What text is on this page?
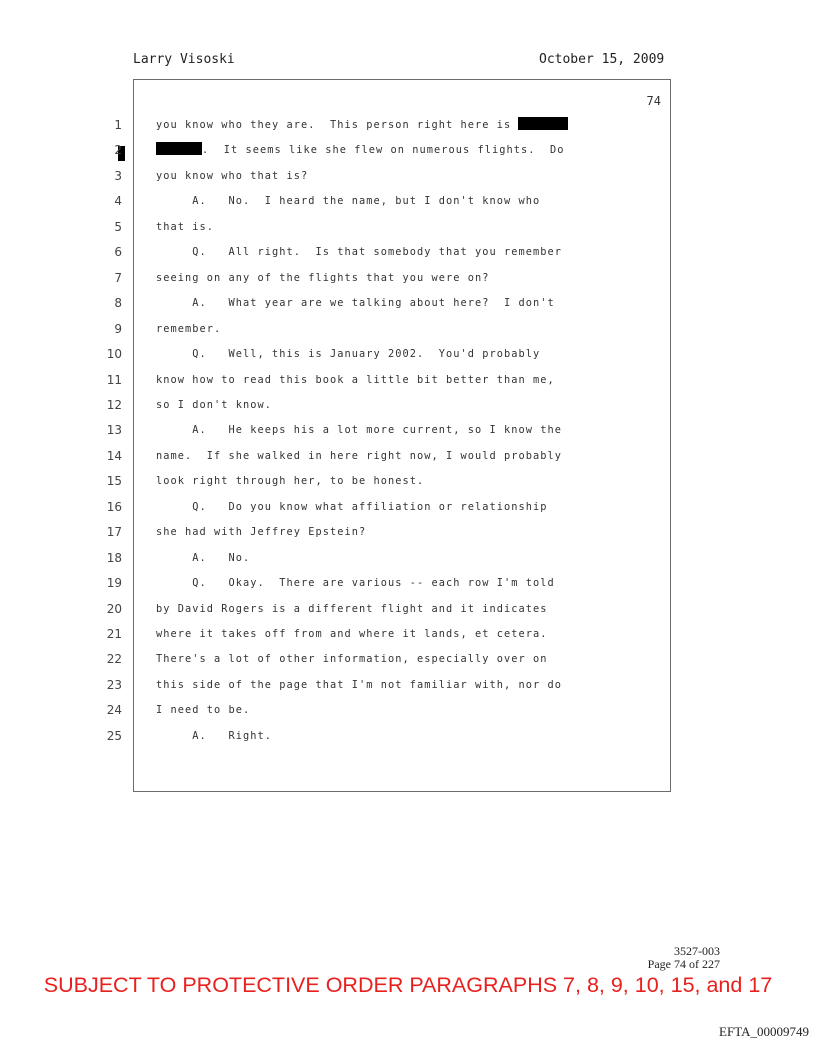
Larry Visoski	October 15, 2009
74
1	you know who they are.  This person right here is
2	.  It seems like she flew on numerous flights.  Do
3	you know who that is?
4	A.   No.  I heard the name, but I don't know who
5	that is.
6	Q.   All right.  Is that somebody that you remember
7	seeing on any of the flights that you were on?
8	A.   What year are we talking about here?  I don't
9	remember.
10	Q.   Well, this is January 2002.  You'd probably
11	know how to read this book a little bit better than me,
12	so I don't know.
13	A.   He keeps his a lot more current, so I know the
14	name.  If she walked in here right now, I would probably
15	look right through her, to be honest.
16	Q.   Do you know what affiliation or relationship
17	she had with Jeffrey Epstein?
18	A.   No.
19	Q.   Okay.  There are various -- each row I'm told
20	by David Rogers is a different flight and it indicates
21	where it takes off from and where it lands, et cetera.
22	There's a lot of other information, especially over on
23	this side of the page that I'm not familiar with, nor do
24	I need to be.
25	A.   Right.
3527-003
Page 74 of 227
SUBJECT TO PROTECTIVE ORDER PARAGRAPHS 7, 8, 9, 10, 15, and 17
EFTA_00009749
